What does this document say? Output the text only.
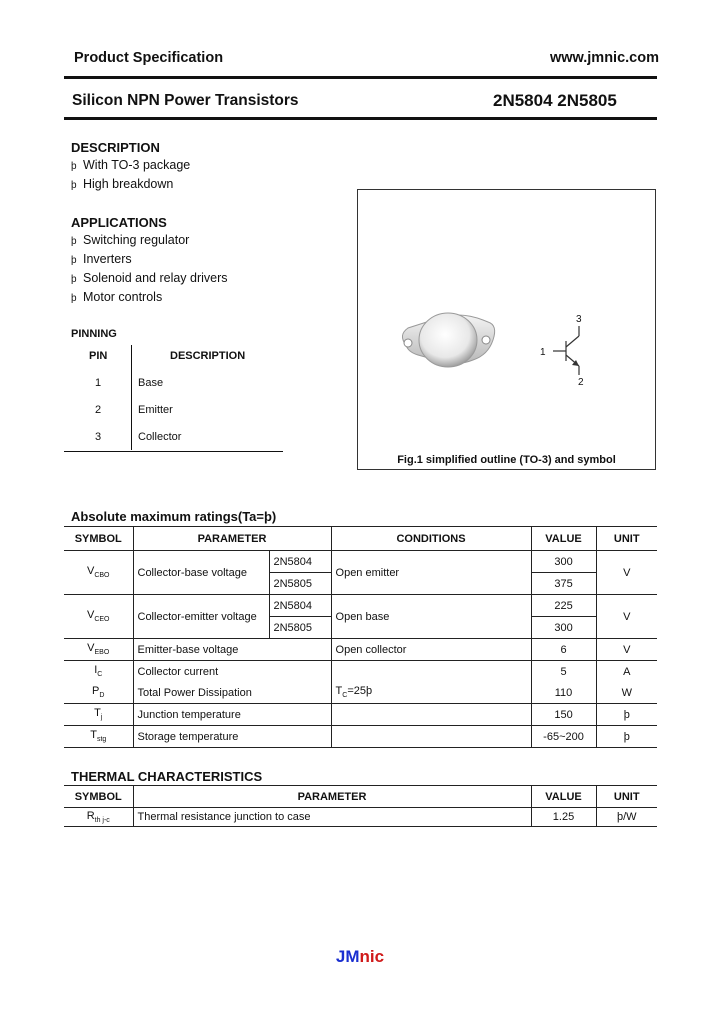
Product Specification	www.jmnic.com
Silicon NPN Power Transistors	2N5804 2N5805
DESCRIPTION
þ With TO-3 package
þ High breakdown
APPLICATIONS
þ Switching regulator
þ Inverters
þ Solenoid and relay drivers
þ Motor controls
PINNING
PIN	DESCRIPTION
1	Base
2	Emitter
3	Collector
1
2
3
Fig.1 simplified outline (TO-3) and symbol
Absolute maximum ratings(Ta=þ)
SYMBOL	PARAMETER		CONDITIONS	VALUE	UNIT
$V_{CBO}$	Collector-base voltage	2N5804	Open emitter	300	V
		2N5805		375	
$V_{CEO}$	Collector-emitter voltage	2N5804	Open base	225	V
		2N5805		300	
$V_{EBO}$	Emitter-base voltage		Open collector	6	V
$I_C$	Collector current			5	A
$P_D$	Total Power Dissipation		$T_C=25þ$	110	W
$T_j$	Junction temperature			150	þ
$T_{stg}$	Storage temperature			-65~200	þ
THERMAL CHARACTERISTICS
SYMBOL	PARAMETER	VALUE	UNIT
$R_{th j-c}$	Thermal resistance junction to case	1.25	þ/W
JMnic
